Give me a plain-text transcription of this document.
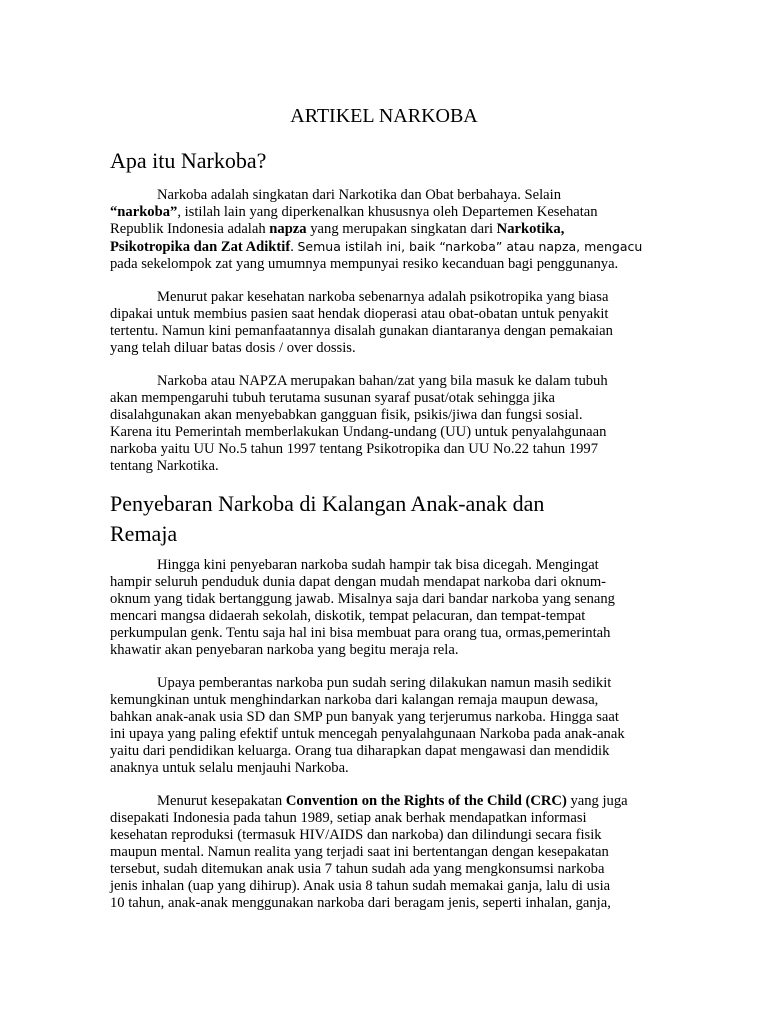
ARTIKEL NARKOBA
Apa itu Narkoba?
Narkoba adalah singkatan dari Narkotika dan Obat berbahaya. Selain
“narkoba”, istilah lain yang diperkenalkan khususnya oleh Departemen Kesehatan
Republik Indonesia adalah napza yang merupakan singkatan dari Narkotika,
Psikotropika dan Zat Adiktif. Semua istilah ini, baik “narkoba” atau napza, mengacu
pada sekelompok zat yang umumnya mempunyai resiko kecanduan bagi penggunanya.
Menurut pakar kesehatan narkoba sebenarnya adalah psikotropika yang biasa
dipakai untuk membius pasien saat hendak dioperasi atau obat-obatan untuk penyakit
tertentu. Namun kini pemanfaatannya disalah gunakan diantaranya dengan pemakaian
yang telah diluar batas dosis / over dossis.
Narkoba atau NAPZA merupakan bahan/zat yang bila masuk ke dalam tubuh
akan mempengaruhi tubuh terutama susunan syaraf pusat/otak sehingga jika
disalahgunakan akan menyebabkan gangguan fisik, psikis/jiwa dan fungsi sosial.
Karena itu Pemerintah memberlakukan Undang-undang (UU) untuk penyalahgunaan
narkoba yaitu UU No.5 tahun 1997 tentang Psikotropika dan UU No.22 tahun 1997
tentang Narkotika.
Penyebaran Narkoba di Kalangan Anak-anak dan
Remaja
Hingga kini penyebaran narkoba sudah hampir tak bisa dicegah. Mengingat
hampir seluruh penduduk dunia dapat dengan mudah mendapat narkoba dari oknum-
oknum yang tidak bertanggung jawab. Misalnya saja dari bandar narkoba yang senang
mencari mangsa didaerah sekolah, diskotik, tempat pelacuran, dan tempat-tempat
perkumpulan genk. Tentu saja hal ini bisa membuat para orang tua, ormas,pemerintah
khawatir akan penyebaran narkoba yang begitu meraja rela.
Upaya pemberantas narkoba pun sudah sering dilakukan namun masih sedikit
kemungkinan untuk menghindarkan narkoba dari kalangan remaja maupun dewasa,
bahkan anak-anak usia SD dan SMP pun banyak yang terjerumus narkoba. Hingga saat
ini upaya yang paling efektif untuk mencegah penyalahgunaan Narkoba pada anak-anak
yaitu dari pendidikan keluarga. Orang tua diharapkan dapat mengawasi dan mendidik
anaknya untuk selalu menjauhi Narkoba.
Menurut kesepakatan Convention on the Rights of the Child (CRC) yang juga
disepakati Indonesia pada tahun 1989, setiap anak berhak mendapatkan informasi
kesehatan reproduksi (termasuk HIV/AIDS dan narkoba) dan dilindungi secara fisik
maupun mental. Namun realita yang terjadi saat ini bertentangan dengan kesepakatan
tersebut, sudah ditemukan anak usia 7 tahun sudah ada yang mengkonsumsi narkoba
jenis inhalan (uap yang dihirup). Anak usia 8 tahun sudah memakai ganja, lalu di usia
10 tahun, anak-anak menggunakan narkoba dari beragam jenis, seperti inhalan, ganja,
